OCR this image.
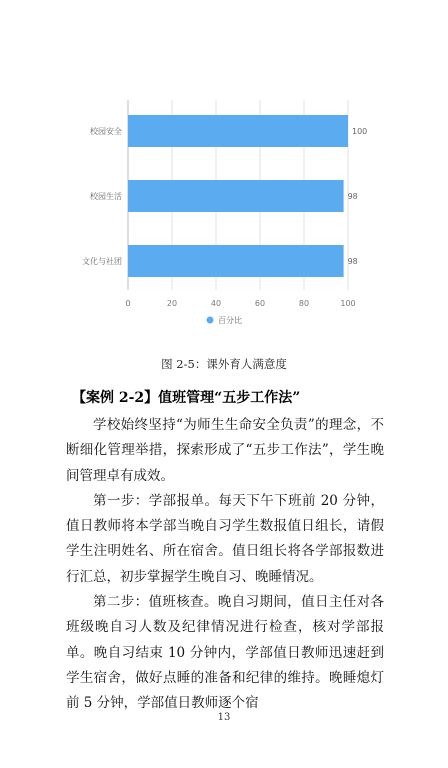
0	20	40	60	80	100
校园安全	100
校园生活	98
文化与社团	98
百分比
图 2-5：课外育人满意度
【案例 2-2】值班管理“五步工作法”

学校始终坚持“为师生生命安全负责”的理念，不断细化管理举措，探索形成了“五步工作法”，学生晚间管理卓有成效。

第一步：学部报单。每天下午下班前 20 分钟，值日教师将本学部当晚自习学生数报值日组长，请假学生注明姓名、所在宿舍。值日组长将各学部报数进行汇总，初步掌握学生晚自习、晚睡情况。

第二步：值班核查。晚自习期间，值日主任对各班级晚自习人数及纪律情况进行检查，核对学部报单。晚自习结束 10 分钟内，学部值日教师迅速赶到学生宿舍，做好点睡的准备和纪律的维持。晚睡熄灯前 5 分钟，学部值日教师逐个宿

13
